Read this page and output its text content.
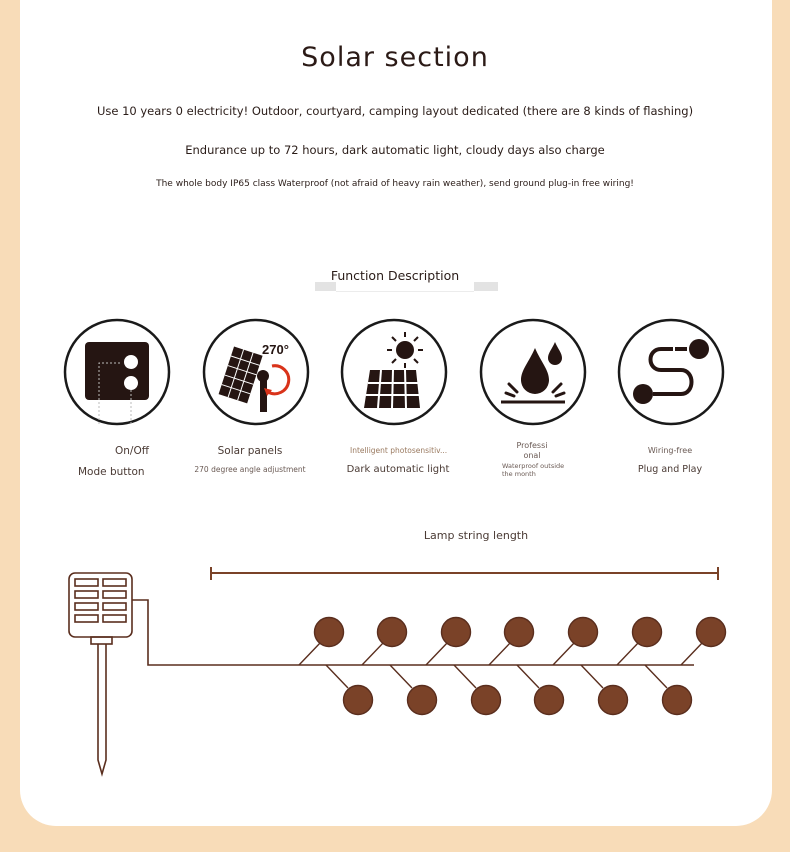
Solar section
Use 10 years 0 electricity! Outdoor, courtyard, camping layout dedicated (there are 8 kinds of flashing)
Endurance up to 72 hours, dark automatic light, cloudy days also charge
The whole body IP65 class Waterproof (not afraid of heavy rain weather), send ground plug-in free wiring!
Function Description
On/Off
Mode button
270°
Solar panels
270 degree angle adjustment
Intelligent photosensitiv...
Dark automatic light
Professi
onal
Waterproof outside
the month
Wiring-free
Plug and Play
Lamp string length
